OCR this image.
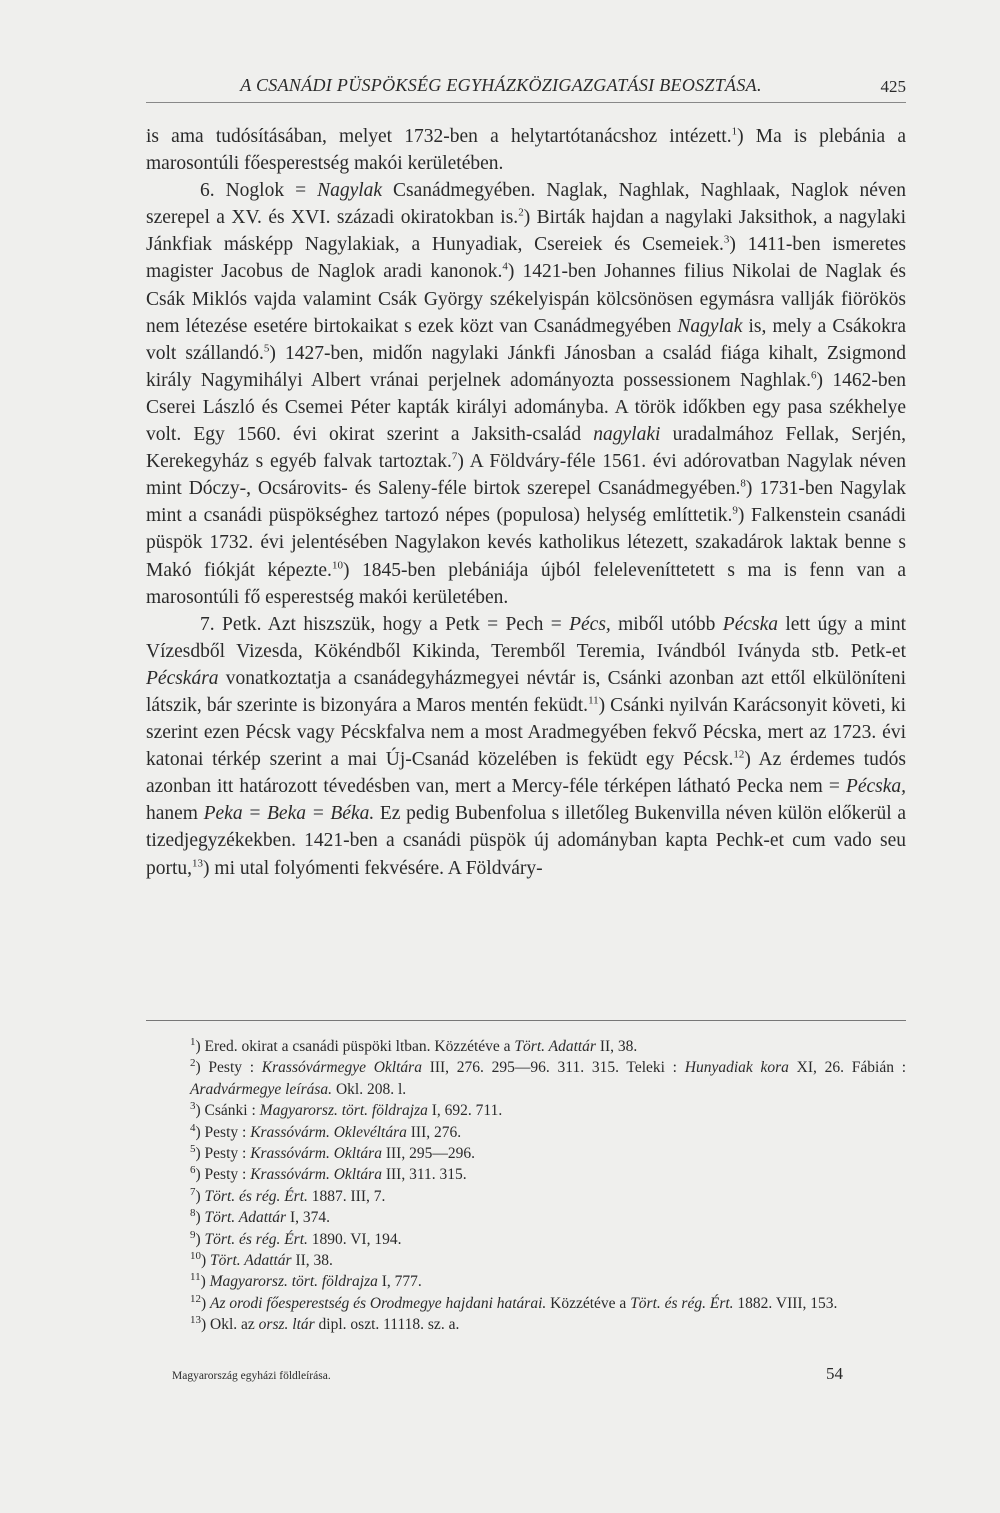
A CSANÁDI PÜSPÖKSÉG EGYHÁZKÖZIGAZGATÁSI BEOSZTÁSA.	425

is ama tudósításában, melyet 1732-ben a helytartótanácshoz intézett.$^1$) Ma is plebánia a marosontúli főesperestség makói kerületében.

6. Noglok = Nagylak Csanádmegyében. Naglak, Naghlak, Naghlaak, Naglok néven szerepel a XV. és XVI. századi okiratokban is.$^2$) Birták hajdan a nagylaki Jaksithok, a nagylaki Jánkfiak másképp Nagylakiak, a Hunyadiak, Csereiek és Csemeiek.$^3$) 1411-ben ismeretes magister Jacobus de Naglok aradi kanonok.$^4$) 1421-ben Johannes filius Nikolai de Naglak és Csák Miklós vajda valamint Csák György székelyispán kölcsönösen egymásra vallják fiörökös nem létezése esetére birtokaikat s ezek közt van Csanádmegyében Nagylak is, mely a Csákokra volt szállandó.$^5$) 1427-ben, midőn nagylaki Jánkfi Jánosban a család fiága kihalt, Zsigmond király Nagymihályi Albert vránai perjelnek adományozta possessionem Naghlak.$^6$) 1462-ben Cserei László és Csemei Péter kapták királyi adományba. A török időkben egy pasa székhelye volt. Egy 1560. évi okirat szerint a Jaksith-család nagylaki uradalmához Fellak, Serjén, Kerekegyház s egyéb falvak tartoztak.$^7$) A Földváry-féle 1561. évi adórovatban Nagylak néven mint Dóczy-, Ocsárovits- és Saleny-féle birtok szerepel Csanádmegyében.$^8$) 1731-ben Nagylak mint a csanádi püspökséghez tartozó népes (populosa) helység említtetik.$^9$) Falkenstein csanádi püspök 1732. évi jelentésében Nagylakon kevés katholikus létezett, szakadárok laktak benne s Makó fiókját képezte.$^{10}$) 1845-ben plebániája újból feleleveníttetett s ma is fenn van a marosontúli fő esperestség makói kerületében.

7. Petk. Azt hiszszük, hogy a Petk = Pech = Pécs, miből utóbb Pécska lett úgy a mint Vízesdből Vizesda, Kökéndből Kikinda, Teremből Teremia, Ivándból Iványda stb. Petk-et Pécskára vonatkoztatja a csanádegyházmegyei névtár is, Csánki azonban azt ettől elkülöníteni látszik, bár szerinte is bizonyára a Maros mentén feküdt.$^{11}$) Csánki nyilván Karácsonyit követi, ki szerint ezen Pécsk vagy Pécskfalva nem a most Aradmegyében fekvő Pécska, mert az 1723. évi katonai térkép szerint a mai Új-Csanád közelében is feküdt egy Pécsk.$^{12}$) Az érdemes tudós azonban itt határozott tévedésben van, mert a Mercy-féle térképen látható Pecka nem = Pécska, hanem Peka = Beka = Béka. Ez pedig Bubenfolua s illetőleg Bukenvilla néven külön előkerül a tizedjegyzékekben. 1421-ben a csanádi püspök új adományban kapta Pechk-et cum vado seu portu,$^{13}$) mi utal folyómenti fekvésére. A Földváry-

$^1$) Ered. okirat a csanádi püspöki ltban. Közzétéve a Tört. Adattár II, 38.

$^2$) Pesty : Krassóvármegye Okltára III, 276. 295—96. 311. 315. Teleki : Hunyadiak kora XI, 26. Fábián : Aradvármegye leírása. Okl. 208. l.

$^3$) Csánki : Magyarorsz. tört. földrajza I, 692. 711.

$^4$) Pesty : Krassóvárm. Oklevéltára III, 276.

$^5$) Pesty : Krassóvárm. Okltára III, 295—296.

$^6$) Pesty : Krassóvárm. Okltára III, 311. 315.

$^7$) Tört. és rég. Ért. 1887. III, 7.

$^8$) Tört. Adattár I, 374.

$^9$) Tört. és rég. Ért. 1890. VI, 194.

$^{10}$) Tört. Adattár II, 38.

$^{11}$) Magyarorsz. tört. földrajza I, 777.

$^{12}$) Az orodi főesperestség és Orodmegye hajdani határai. Közzétéve a Tört. és rég. Ért. 1882. VIII, 153.

$^{13}$) Okl. az orsz. ltár dipl. oszt. 11118. sz. a.

Magyarország egyházi földleírása.	54
